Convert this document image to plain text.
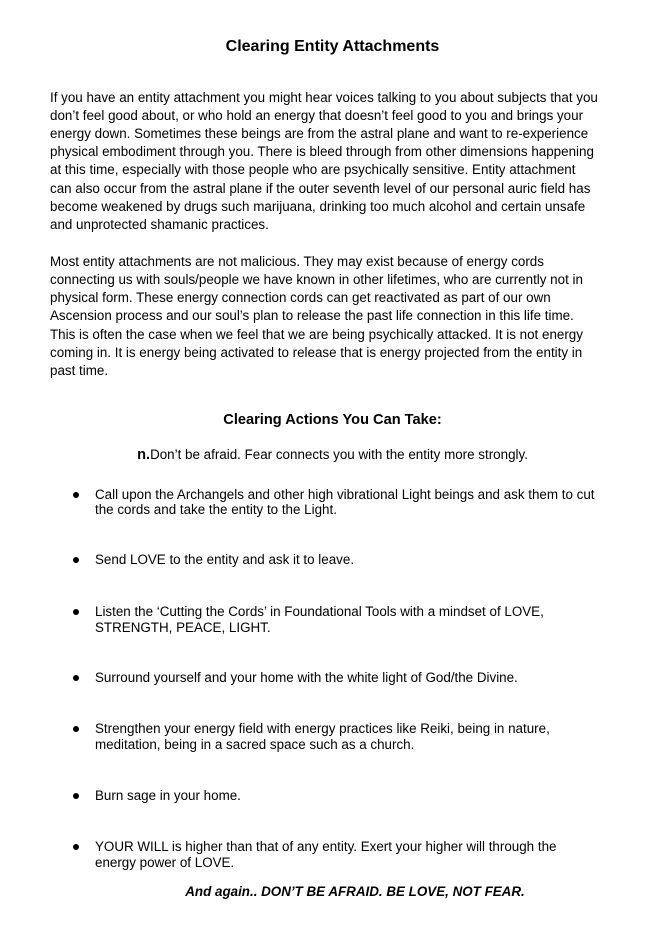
Clearing Entity Attachments
If you have an entity attachment you might hear voices talking to you about subjects that you
don’t feel good about, or who hold an energy that doesn’t feel good to you and brings your
energy down. Sometimes these beings are from the astral plane and want to re-experience
physical embodiment through you. There is bleed through from other dimensions happening
at this time, especially with those people who are psychically sensitive. Entity attachment
can also occur from the astral plane if the outer seventh level of our personal auric field has
become weakened by drugs such marijuana, drinking too much alcohol and certain unsafe
and unprotected shamanic practices.
Most entity attachments are not malicious. They may exist because of energy cords
connecting us with souls/people we have known in other lifetimes, who are currently not in
physical form. These energy connection cords can get reactivated as part of our own
Ascension process and our soul’s plan to release the past life connection in this life time.
This is often the case when we feel that we are being psychically attacked. It is not energy
coming in. It is energy being activated to release that is energy projected from the entity in
past time.
Clearing Actions You Can Take:
n.Don’t be afraid. Fear connects you with the entity more strongly.
Call upon the Archangels and other high vibrational Light beings and ask them to cut
the cords and take the entity to the Light.
Send LOVE to the entity and ask it to leave.
Listen the ‘Cutting the Cords’ in Foundational Tools with a mindset of LOVE,
STRENGTH, PEACE, LIGHT.
Surround yourself and your home with the white light of God/the Divine.
Strengthen your energy field with energy practices like Reiki, being in nature,
meditation, being in a sacred space such as a church.
Burn sage in your home.
YOUR WILL is higher than that of any entity. Exert your higher will through the
energy power of LOVE.
And again.. DON’T BE AFRAID. BE LOVE, NOT FEAR.
